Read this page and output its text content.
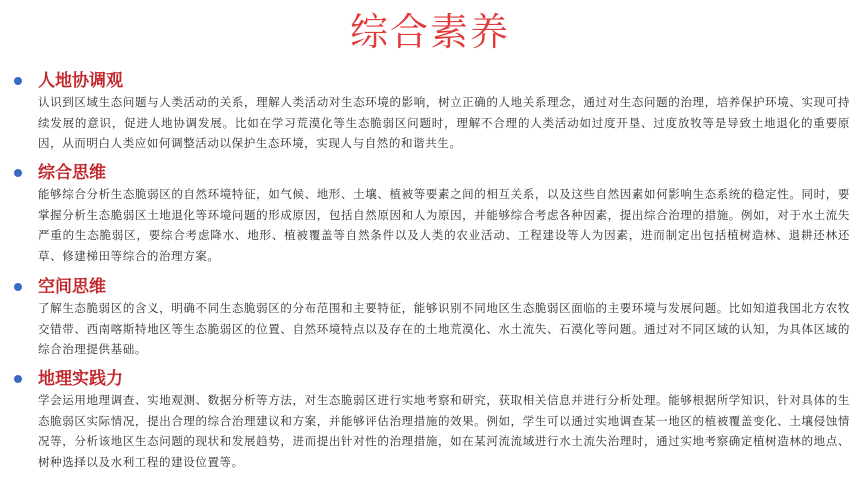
综合素养
人地协调观

认识到区域生态问题与人类活动的关系，理解人类活动对生态环境的影响，树立正确的人地关系理念，通过对生态问题的治理，培养保护环境、实现可持续发展的意识，促进人地协调发展。比如在学习荒漠化等生态脆弱区问题时，理解不合理的人类活动如过度开垦、过度放牧等是导致土地退化的重要原因，从而明白人类应如何调整活动以保护生态环境，实现人与自然的和谐共生。

综合思维

能够综合分析生态脆弱区的自然环境特征，如气候、地形、土壤、植被等要素之间的相互关系，以及这些自然因素如何影响生态系统的稳定性。同时，要掌握分析生态脆弱区土地退化等环境问题的形成原因，包括自然原因和人为原因，并能够综合考虑各种因素，提出综合治理的措施。例如，对于水土流失严重的生态脆弱区，要综合考虑降水、地形、植被覆盖等自然条件以及人类的农业活动、工程建设等人为因素，进而制定出包括植树造林、退耕还林还草、修建梯田等综合的治理方案。

空间思维

了解生态脆弱区的含义，明确不同生态脆弱区的分布范围和主要特征，能够识别不同地区生态脆弱区面临的主要环境与发展问题。比如知道我国北方农牧交错带、西南喀斯特地区等生态脆弱区的位置、自然环境特点以及存在的土地荒漠化、水土流失、石漠化等问题。通过对不同区域的认知，为具体区域的综合治理提供基础。

地理实践力

学会运用地理调查、实地观测、数据分析等方法，对生态脆弱区进行实地考察和研究，获取相关信息并进行分析处理。能够根据所学知识，针对具体的生态脆弱区实际情况，提出合理的综合治理建议和方案，并能够评估治理措施的效果。例如，学生可以通过实地调查某一地区的植被覆盖变化、土壤侵蚀情况等，分析该地区生态问题的现状和发展趋势，进而提出针对性的治理措施，如在某河流流域进行水土流失治理时，通过实地考察确定植树造林的地点、树种选择以及水利工程的建设位置等。
